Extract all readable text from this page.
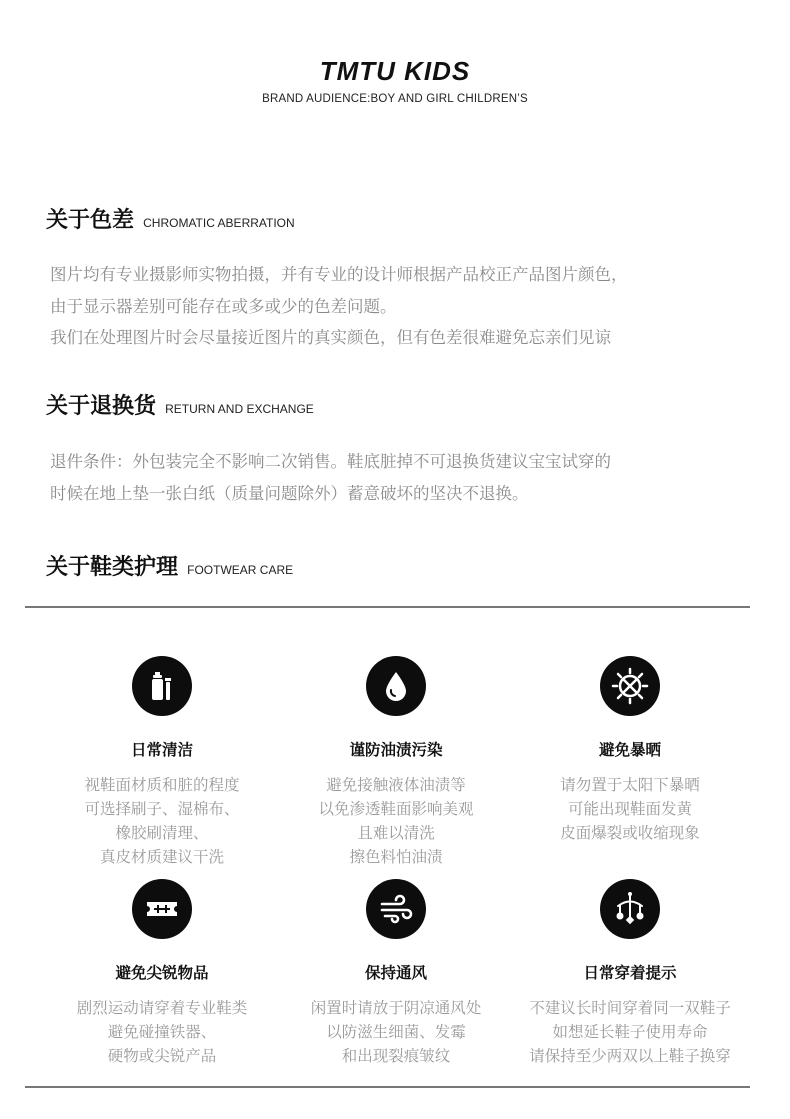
TMTU KIDS
BRAND AUDIENCE:BOY AND GIRL CHILDREN’S
关于色差 CHROMATIC ABERRATION
图片均有专业摄影师实物拍摄，并有专业的设计师根据产品校正产品图片颜色，
由于显示器差别可能存在或多或少的色差问题。
我们在处理图片时会尽量接近图片的真实颜色，但有色差很难避免忘亲们见谅
关于退换货 RETURN AND EXCHANGE
退件条件：外包装完全不影响二次销售。鞋底脏掉不可退换货建议宝宝试穿的
时候在地上垫一张白纸（质量问题除外）蓄意破坏的坚决不退换。
关于鞋类护理 FOOTWEAR CARE
日常清洁
视鞋面材质和脏的程度
可选择刷子、湿棉布、
橡胶刷清理、
真皮材质建议干洗
谨防油渍污染
避免接触液体油渍等
以免渗透鞋面影响美观
且难以清洗
擦色料怕油渍
避免暴晒
请勿置于太阳下暴晒
可能出现鞋面发黄
皮面爆裂或收缩现象
避免尖锐物品
剧烈运动请穿着专业鞋类
避免碰撞铁器、
硬物或尖锐产品
保持通风
闲置时请放于阴凉通风处
以防滋生细菌、发霉
和出现裂痕皱纹
日常穿着提示
不建议长时间穿着同一双鞋子
如想延长鞋子使用寿命
请保持至少两双以上鞋子换穿
